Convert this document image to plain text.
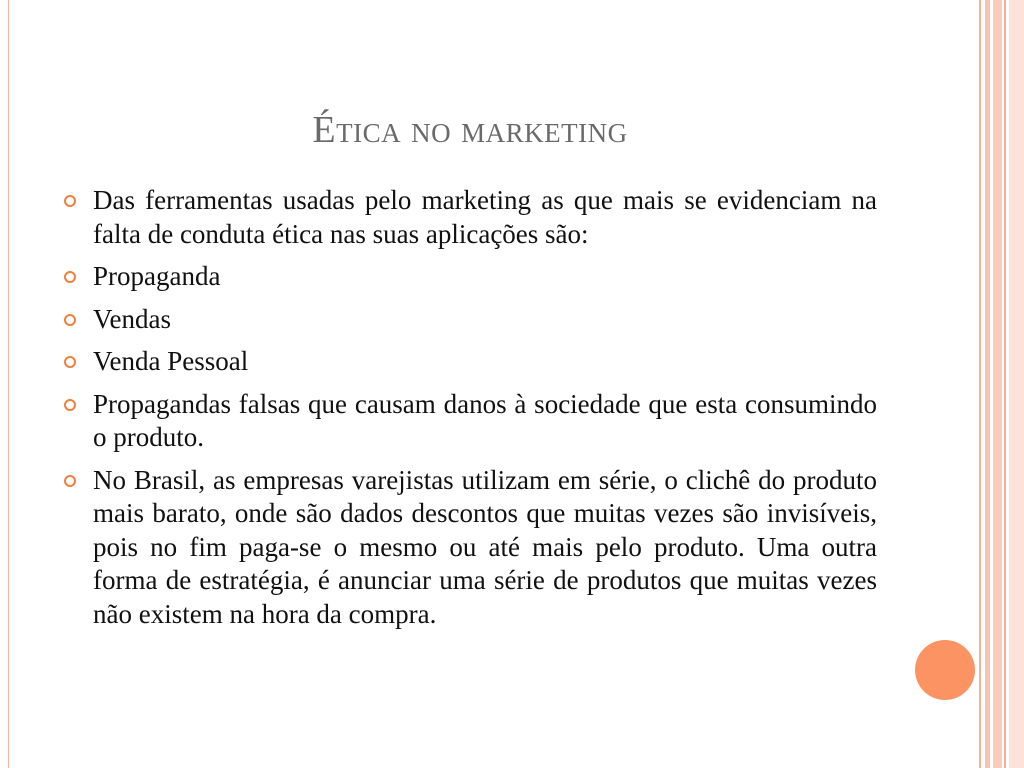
Ética no marketing
Das ferramentas usadas pelo marketing as que mais se evidenciam na falta de conduta ética nas suas aplicações são:
Propaganda
Vendas
Venda Pessoal
Propagandas falsas que causam danos à sociedade que esta consumindo o produto.
No Brasil, as empresas varejistas utilizam em série, o clichê do produto mais barato, onde são dados descontos que muitas vezes são invisíveis, pois no fim paga-se o mesmo ou até mais pelo produto. Uma outra forma de estratégia, é anunciar uma série de produtos que muitas vezes não existem na hora da compra.
